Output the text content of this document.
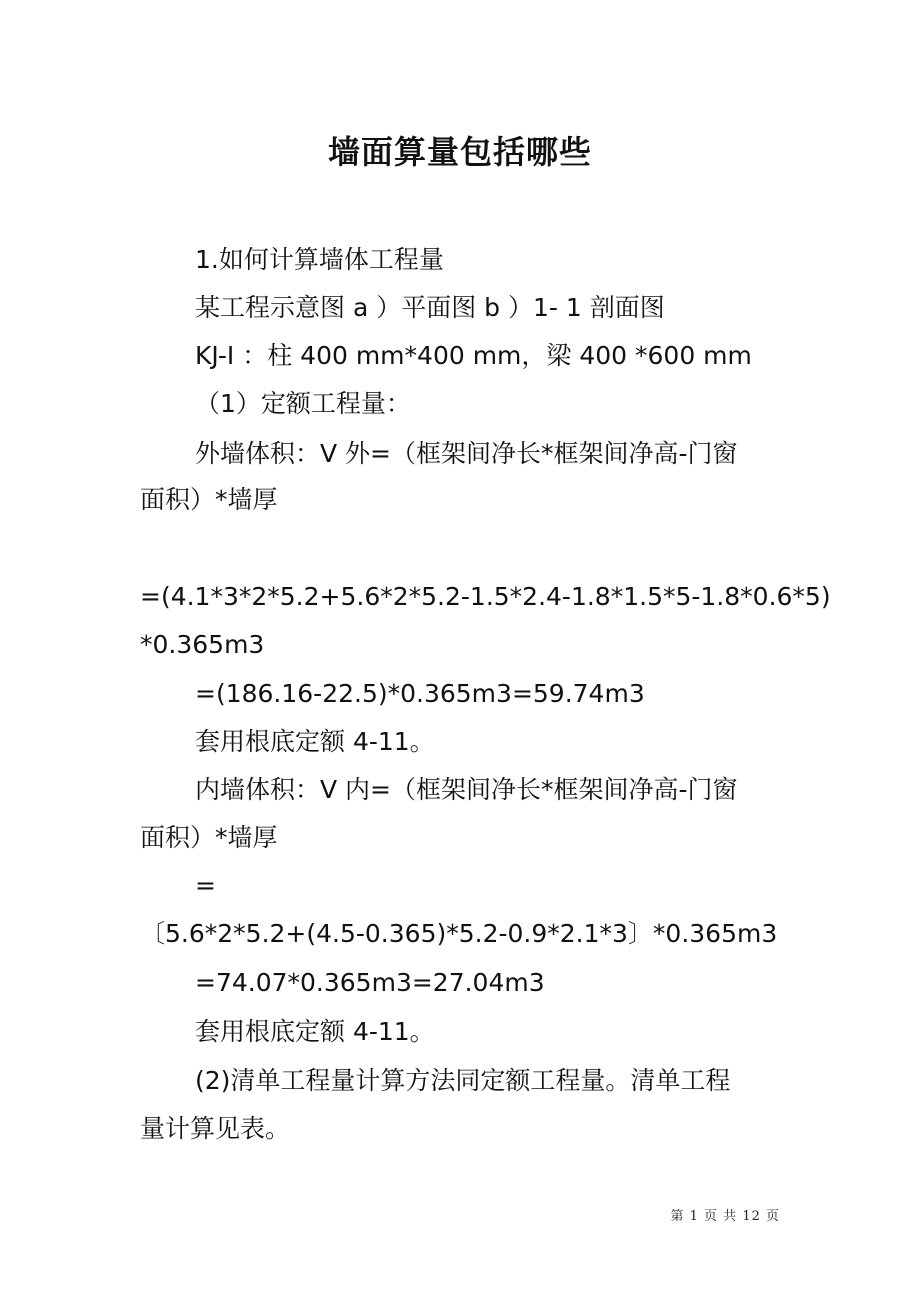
墙面算量包括哪些
1.如何计算墙体工程量
某工程示意图 a ）平面图 b ）1- 1 剖面图
KJ-I ：柱 400 mm*400 mm，梁 400 *600 mm
（1）定额工程量：
外墙体积：V 外=（框架间净长*框架间净高-门窗
面积）*墙厚
=(4.1*3*2*5.2+5.6*2*5.2-1.5*2.4-1.8*1.5*5-1.8*0.6*5)
*0.365m3
=(186.16-22.5)*0.365m3=59.74m3
套用根底定额 4-11。
内墙体积：V 内=（框架间净长*框架间净高-门窗
面积）*墙厚
=
〔5.6*2*5.2+(4.5-0.365)*5.2-0.9*2.1*3〕*0.365m3
=74.07*0.365m3=27.04m3
套用根底定额 4-11。
(2)清单工程量计算方法同定额工程量。清单工程
量计算见表。
第 1 页 共 12 页
